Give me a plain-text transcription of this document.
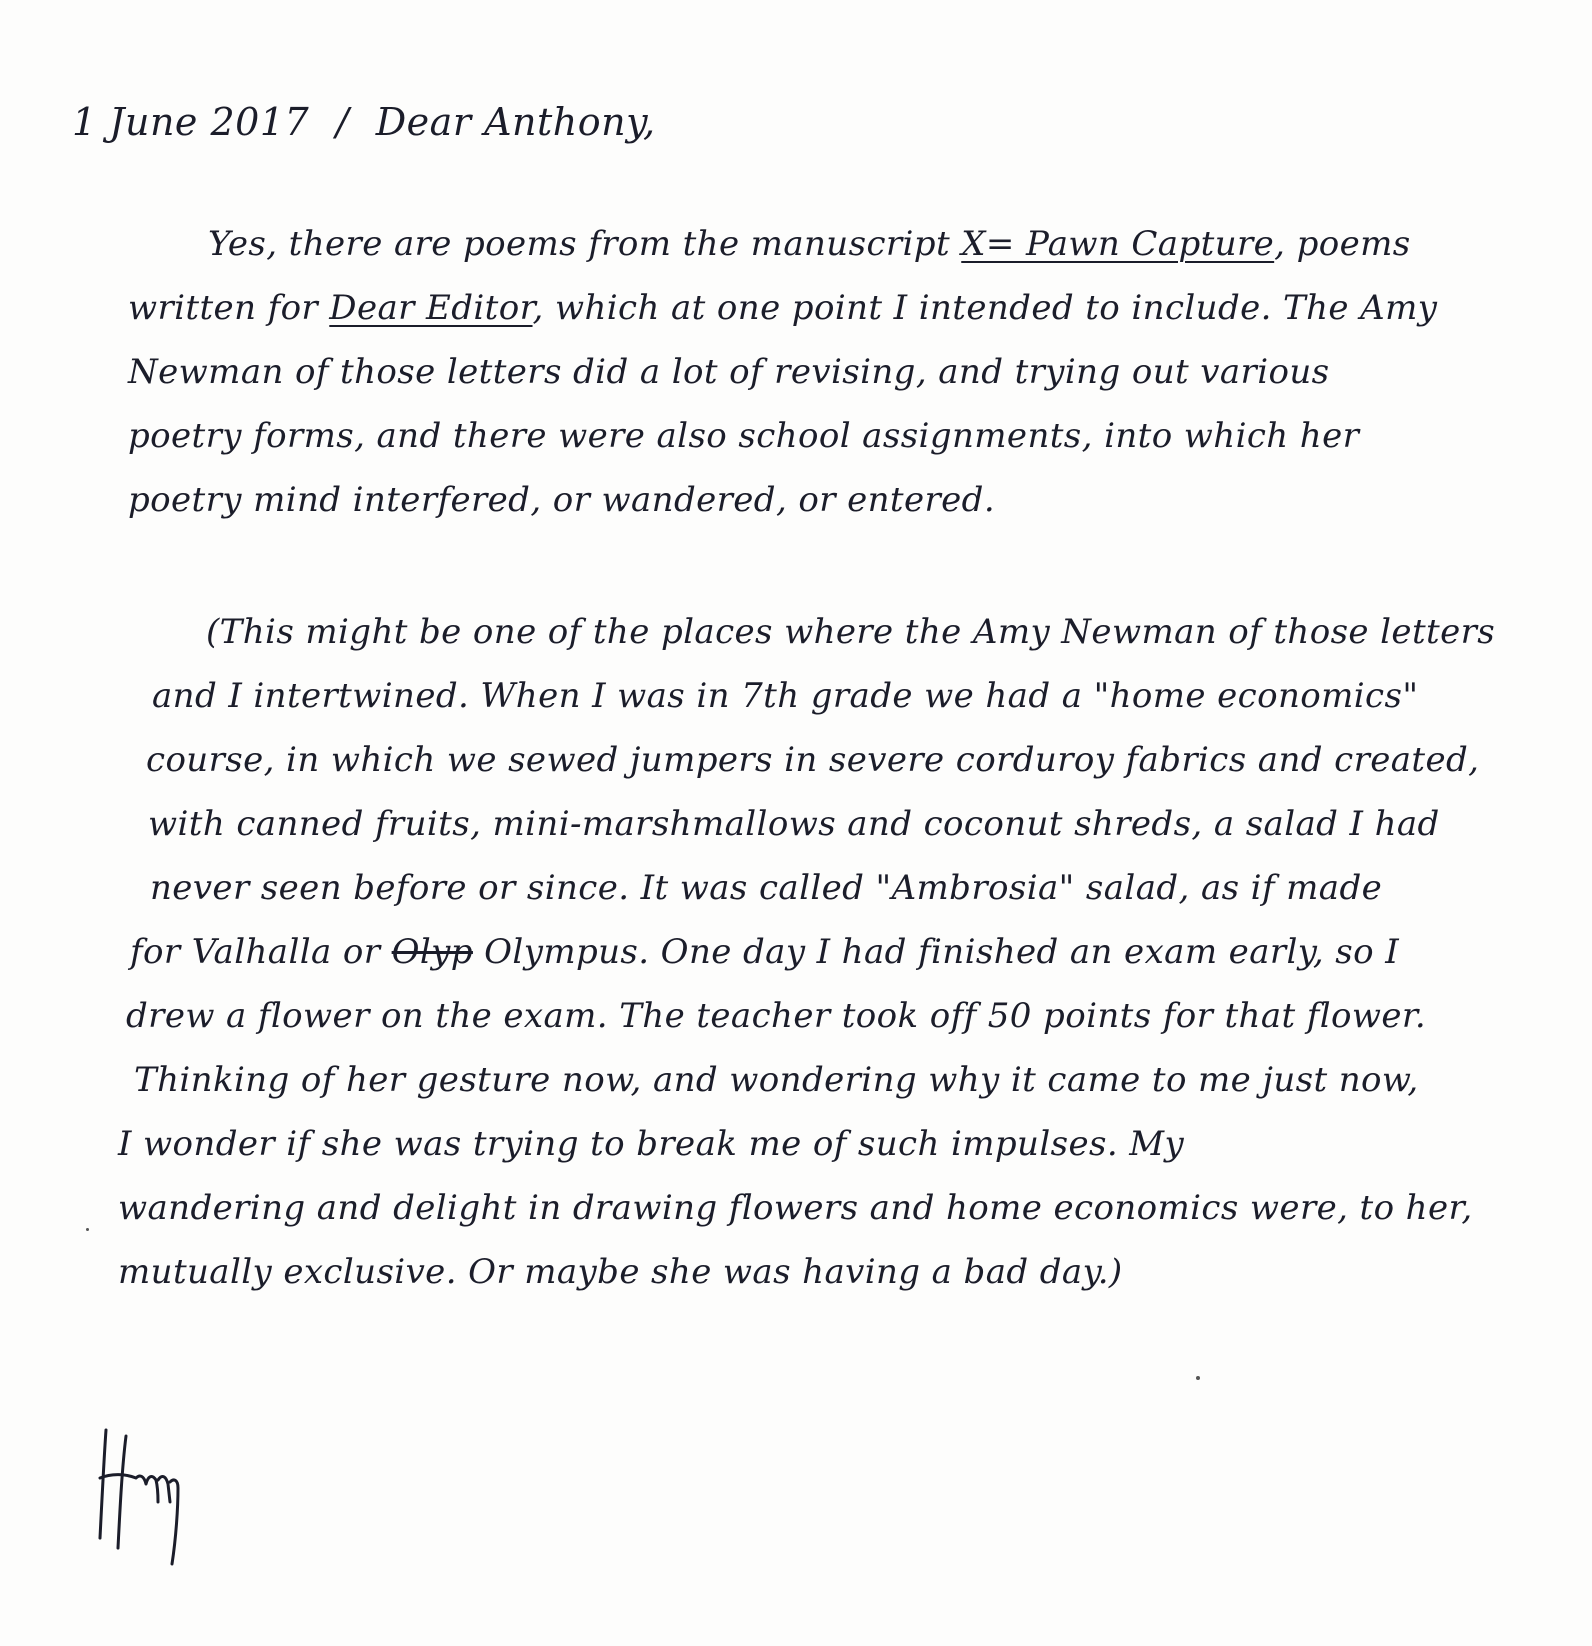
1 June 2017 / Dear Anthony,
Yes, there are poems from the manuscript X= Pawn Capture, poems
written for Dear Editor, which at one point I intended to include. The Amy
Newman of those letters did a lot of revising, and trying out various
poetry forms, and there were also school assignments, into which her
poetry mind interfered, or wandered, or entered.
(This might be one of the places where the Amy Newman of those letters
and I intertwined. When I was in 7th grade we had a "home economics"
course, in which we sewed jumpers in severe corduroy fabrics and created,
with canned fruits, mini-marshmallows and coconut shreds, a salad I had
never seen before or since. It was called "Ambrosia" salad, as if made
for Valhalla or Olyp Olympus. One day I had finished an exam early, so I
drew a flower on the exam. The teacher took off 50 points for that flower.
Thinking of her gesture now, and wondering why it came to me just now,
I wonder if she was trying to break me of such impulses. My
wandering and delight in drawing flowers and home economics were, to her,
mutually exclusive. Or maybe she was having a bad day.)
